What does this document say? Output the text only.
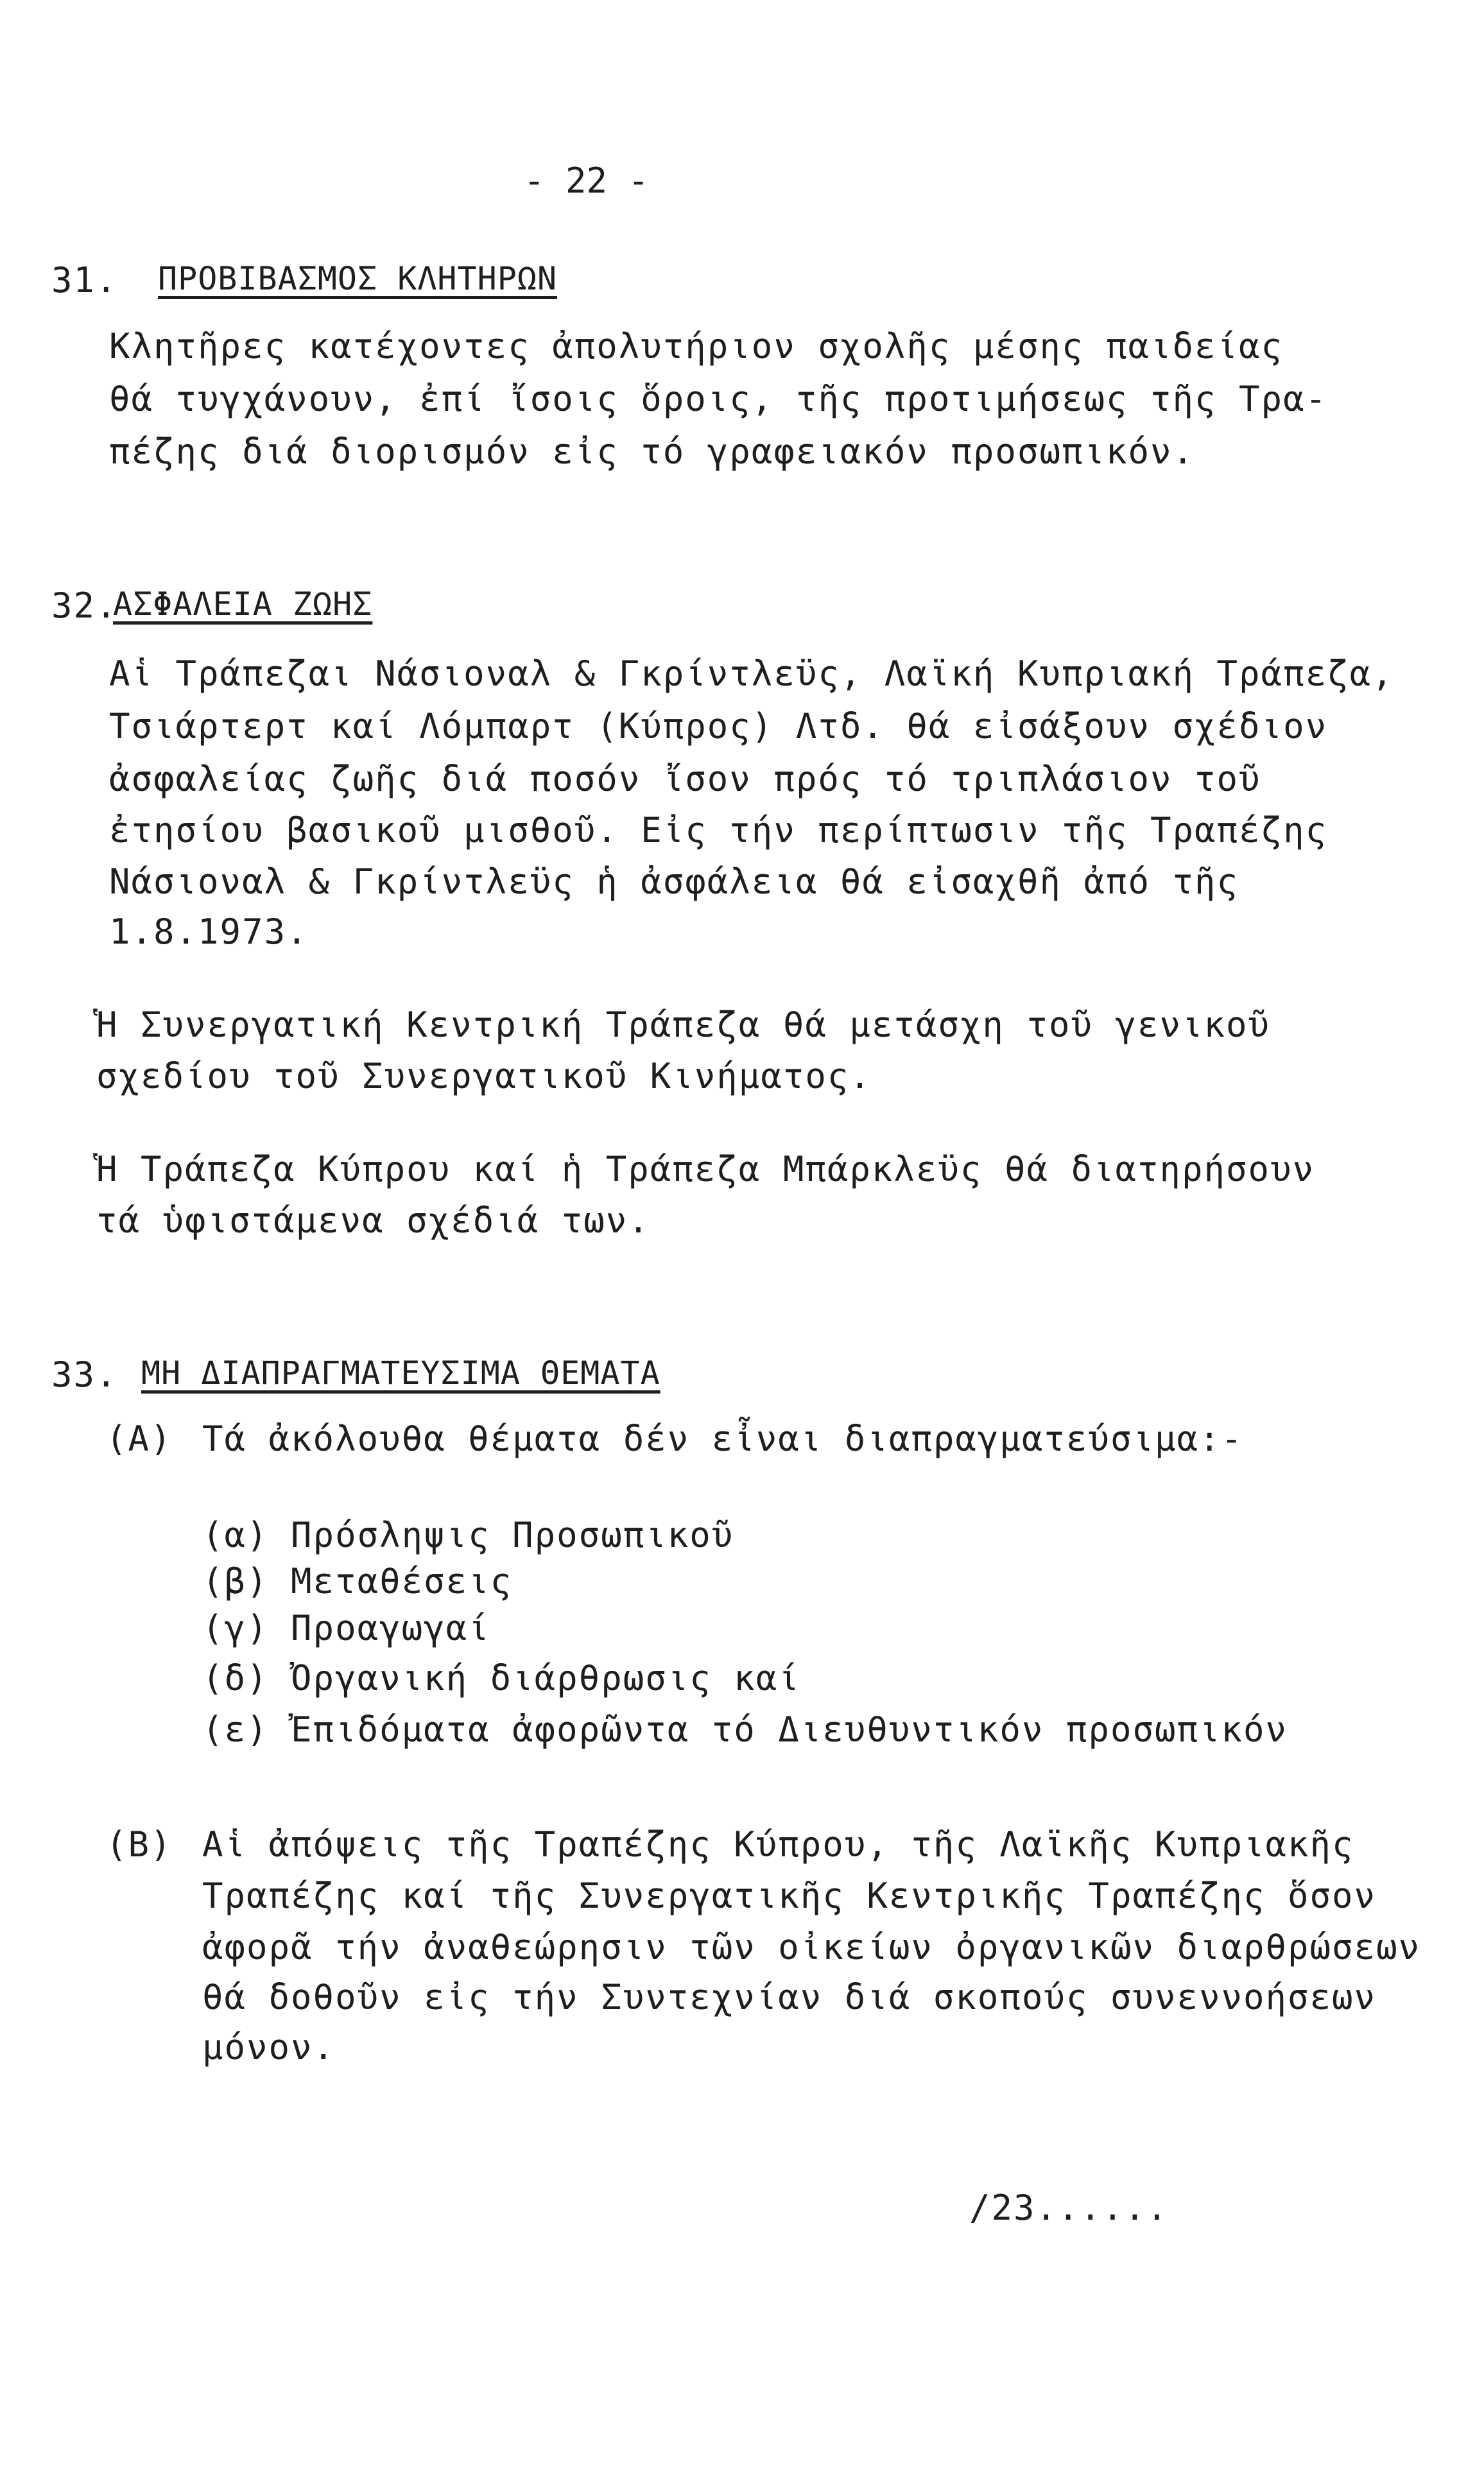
- 22 -
31. ΠΡΟΒΙΒΑΣΜΟΣ ΚΛΗΤΗΡΩΝ
Κλητῆρες κατέχοντες ἀπολυτήριον σχολῆς μέσης παιδείας
θά τυγχάνουν, ἐπί ἴσοις ὅροις, τῆς προτιμήσεως τῆς Τρα-
πέζης διά διορισμόν εἰς τό γραφειακόν προσωπικόν.
32.
ΑΣΦΑΛΕΙΑ ΖΩΗΣ
Αἱ Τράπεζαι Νάσιοναλ & Γκρίντλεϋς, Λαϊκή Κυπριακή Τράπεζα,
Τσιάρτερτ καί Λόμπαρτ (Κύπρος) Λτδ. θά εἰσάξουν σχέδιον
ἀσφαλείας ζωῆς διά ποσόν ἴσον πρός τό τριπλάσιον τοῦ
ἐτησίου βασικοῦ μισθοῦ. Εἰς τήν περίπτωσιν τῆς Τραπέζης
Νάσιοναλ & Γκρίντλεϋς ἡ ἀσφάλεια θά εἰσαχθῆ ἀπό τῆς
1.8.1973.
Ἡ Συνεργατική Κεντρική Τράπεζα θά μετάσχη τοῦ γενικοῦ
σχεδίου τοῦ Συνεργατικοῦ Κινήματος.
Ἡ Τράπεζα Κύπρου καί ἡ Τράπεζα Μπάρκλεϋς θά διατηρήσουν
τά ὑφιστάμενα σχέδιά των.
33. ΜΗ ΔΙΑΠΡΑΓΜΑΤΕΥΣΙΜΑ ΘΕΜΑΤΑ
(Α) Τά ἀκόλουθα θέματα δέν εἶναι διαπραγματεύσιμα:-
(α) Πρόσληψις Προσωπικοῦ
(β) Μεταθέσεις
(γ) Προαγωγαί
(δ) Ὀργανική διάρθρωσις καί
(ε) Ἐπιδόματα ἀφορῶντα τό Διευθυντικόν προσωπικόν
(Β) Αἱ ἀπόψεις τῆς Τραπέζης Κύπρου, τῆς Λαϊκῆς Κυπριακῆς
Τραπέζης καί τῆς Συνεργατικῆς Κεντρικῆς Τραπέζης ὅσον
ἀφορᾶ τήν ἀναθεώρησιν τῶν οἰκείων ὀργανικῶν διαρθρώσεων
θά δοθοῦν εἰς τήν Συντεχνίαν διά σκοπούς συνεννοήσεων
μόνον.
/23......
